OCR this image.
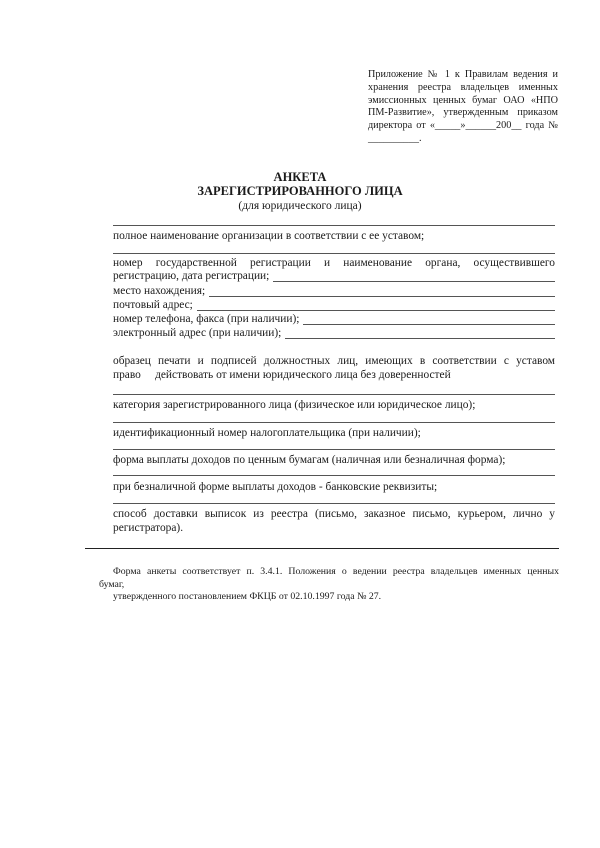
Приложение № 1 к Правилам ведения и хранения реестра владельцев именных эмиссионных ценных бумаг ОАО «НПО ПМ-Развитие», утвержденным приказом директора от «_____»______200__ года № __________.
АНКЕТА
ЗАРЕГИСТРИРОВАННОГО ЛИЦА
(для юридического лица)
полное наименование организации в соответствии с ее уставом;
номер государственной регистрации и наименование органа, осуществившего
регистрацию, дата регистрации;
место нахождения;
почтовый адрес;
номер телефона, факса (при наличии);
электронный адрес (при наличии);
образец печати и подписей должностных лиц, имеющих в соответствии с уставом
право     действовать от имени юридического лица без доверенностей
категория зарегистрированного лица (физическое или юридическое лицо);
идентификационный номер налогоплательщика (при наличии);
форма выплаты доходов по ценным бумагам (наличная или безналичная форма);
при безналичной форме выплаты доходов - банковские реквизиты;
способ доставки выписок из реестра (письмо, заказное письмо, курьером, лично у
регистратора).
Форма анкеты соответствует п. 3.4.1. Положения о ведении реестра владельцев именных ценных
бумаг,
утвержденного постановлением ФКЦБ от 02.10.1997 года № 27.
